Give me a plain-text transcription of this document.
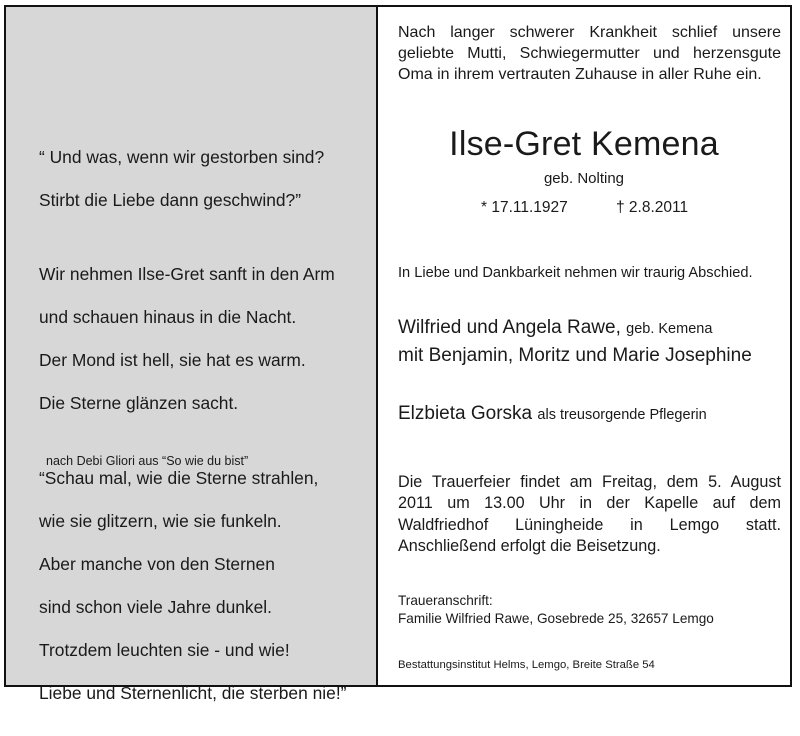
“ Und was, wenn wir gestorben sind?

Stirbt die Liebe dann geschwind?”

Wir nehmen Ilse-Gret sanft in den Arm

und schauen hinaus in die Nacht.

Der Mond ist hell, sie hat es warm.

Die Sterne glänzen sacht.

“Schau mal, wie die Sterne strahlen,

wie sie glitzern, wie sie funkeln.

Aber manche von den Sternen

sind schon viele Jahre dunkel.

Trotzdem leuchten sie - und wie!

Liebe und Sternenlicht, die sterben nie!”

nach Debi Gliori aus “So wie du bist”
Nach langer schwerer Krankheit schlief unsere
geliebte Mutti, Schwiegermutter und herzensgute
Oma in ihrem vertrauten Zuhause in aller Ruhe ein.
Ilse-Gret Kemena
geb. Nolting
* 17.11.1927	† 2.8.2011
In Liebe und Dankbarkeit nehmen wir traurig Abschied.
Wilfried und Angela Rawe, geb. Kemena
mit Benjamin, Moritz und Marie Josephine
Elzbieta Gorska als treusorgende Pflegerin
Die Trauerfeier findet am Freitag, dem 5. August
2011 um 13.00 Uhr in der Kapelle auf dem
Waldfriedhof Lüningheide in Lemgo statt.
Anschließend erfolgt die Beisetzung.
Traueranschrift:
Familie Wilfried Rawe, Gosebrede 25, 32657 Lemgo
Bestattungsinstitut Helms, Lemgo, Breite Straße 54
